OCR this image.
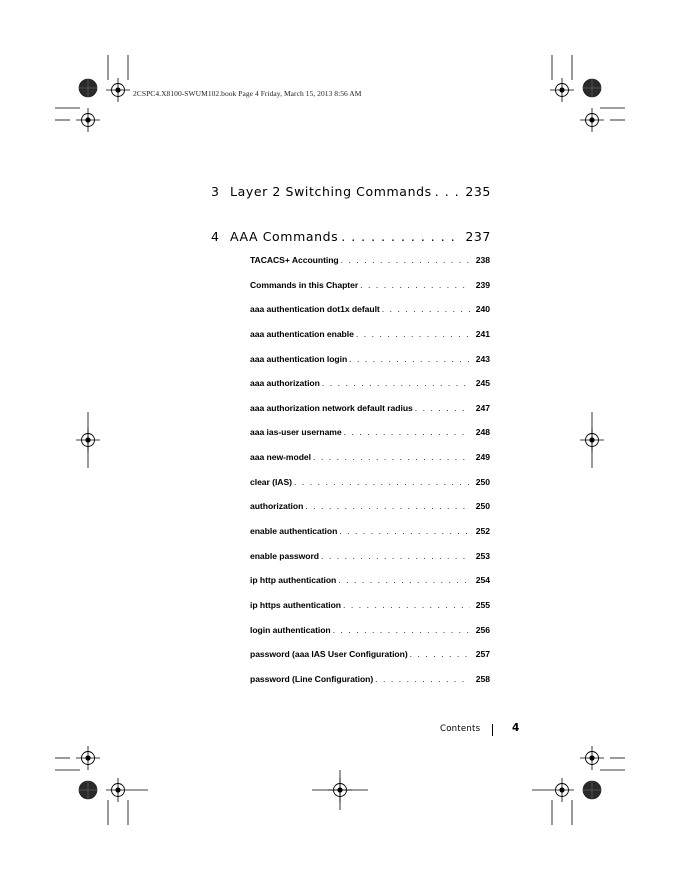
2CSPC4.X8100-SWUM102.book Page 4 Friday, March 15, 2013 8:56 AM
3 Layer 2 Switching Commands . . .	235
4 AAA Commands . . .	237
TACACS+ Accounting . . .	238
Commands in this Chapter . . .	239
aaa authentication dot1x default . . .	240
aaa authentication enable . . .	241
aaa authentication login . . .	243
aaa authorization . . .	245
aaa authorization network default radius . . .	247
aaa ias-user username . . .	248
aaa new-model . . .	249
clear (IAS) . . .	250
authorization . . .	250
enable authentication . . .	252
enable password . . .	253
ip http authentication . . .	254
ip https authentication . . .	255
login authentication . . .	256
password (aaa IAS User Configuration) . . .	257
password (Line Configuration) . . .	258
Contents	4
